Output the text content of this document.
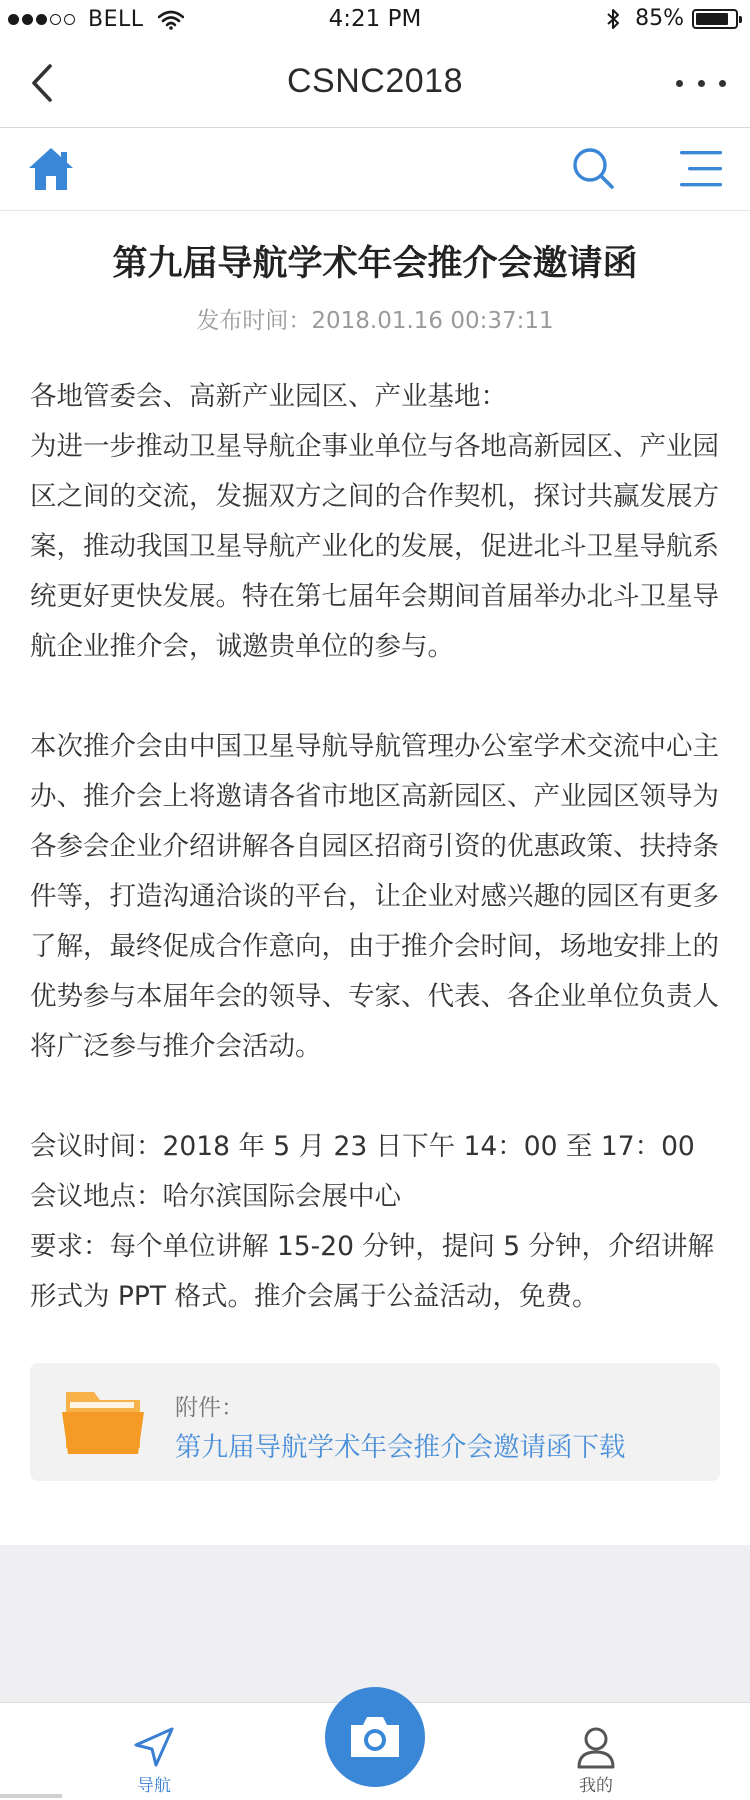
BELL	4:21 PM	85%
CSNC2018
第九届导航学术年会推介会邀请函
发布时间：2018.01.16 00:37:11

各地管委会、高新产业园区、产业基地：
为进一步推动卫星导航企事业单位与各地高新园区、产业园区之间的交流，发掘双方之间的合作契机，探讨共赢发展方案，推动我国卫星导航产业化的发展，促进北斗卫星导航系统更好更快发展。特在第七届年会期间首届举办北斗卫星导航企业推介会，诚邀贵单位的参与。

本次推介会由中国卫星导航导航管理办公室学术交流中心主办、推介会上将邀请各省市地区高新园区、产业园区领导为各参会企业介绍讲解各自园区招商引资的优惠政策、扶持条件等，打造沟通洽谈的平台，让企业对感兴趣的园区有更多了解，最终促成合作意向，由于推介会时间，场地安排上的优势参与本届年会的领导、专家、代表、各企业单位负责人将广泛参与推介会活动。

会议时间：2018 年 5 月 23 日下午 14：00 至 17：00
会议地点：哈尔滨国际会展中心
要求：每个单位讲解 15-20 分钟，提问 5 分钟，介绍讲解形式为 PPT 格式。推介会属于公益活动，免费。
附件：
第九届导航学术年会推介会邀请函下载
导航	我的
